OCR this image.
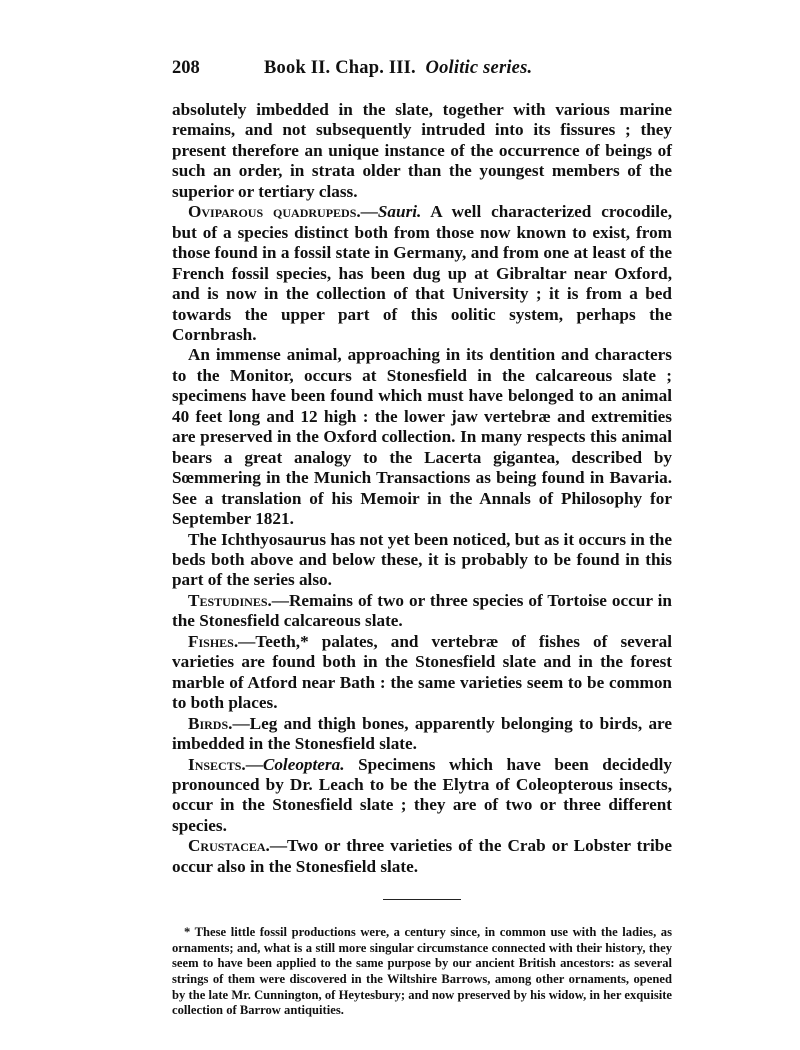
208	Book II. Chap. III. Oolitic series.

absolutely imbedded in the slate, together with various marine remains, and not subsequently intruded into its fissures ; they present therefore an unique instance of the occurrence of beings of such an order, in strata older than the youngest members of the superior or tertiary class.

Oviparous quadrupeds.—Sauri. A well characterized crocodile, but of a species distinct both from those now known to exist, from those found in a fossil state in Germany, and from one at least of the French fossil species, has been dug up at Gibraltar near Oxford, and is now in the collection of that University ; it is from a bed towards the upper part of this oolitic system, perhaps the Cornbrash.

An immense animal, approaching in its dentition and characters to the Monitor, occurs at Stonesfield in the calcareous slate ; specimens have been found which must have belonged to an animal 40 feet long and 12 high : the lower jaw vertebræ and extremities are preserved in the Oxford collection. In many respects this animal bears a great analogy to the Lacerta gigantea, described by Sœmmering in the Munich Transactions as being found in Bavaria. See a translation of his Memoir in the Annals of Philosophy for September 1821.

The Ichthyosaurus has not yet been noticed, but as it occurs in the beds both above and below these, it is probably to be found in this part of the series also.

Testudines.—Remains of two or three species of Tortoise occur in the Stonesfield calcareous slate.

Fishes.—Teeth,* palates, and vertebræ of fishes of several varieties are found both in the Stonesfield slate and in the forest marble of Atford near Bath : the same varieties seem to be common to both places.

Birds.—Leg and thigh bones, apparently belonging to birds, are imbedded in the Stonesfield slate.

Insects.—Coleoptera. Specimens which have been decidedly pronounced by Dr. Leach to be the Elytra of Coleopterous insects, occur in the Stonesfield slate ; they are of two or three different species.

Crustacea.—Two or three varieties of the Crab or Lobster tribe occur also in the Stonesfield slate.

* These little fossil productions were, a century since, in common use with the ladies, as ornaments; and, what is a still more singular circumstance connected with their history, they seem to have been applied to the same purpose by our ancient British ancestors: as several strings of them were discovered in the Wiltshire Barrows, among other ornaments, opened by the late Mr. Cunnington, of Heytesbury; and now preserved by his widow, in her exquisite collection of Barrow antiquities.
